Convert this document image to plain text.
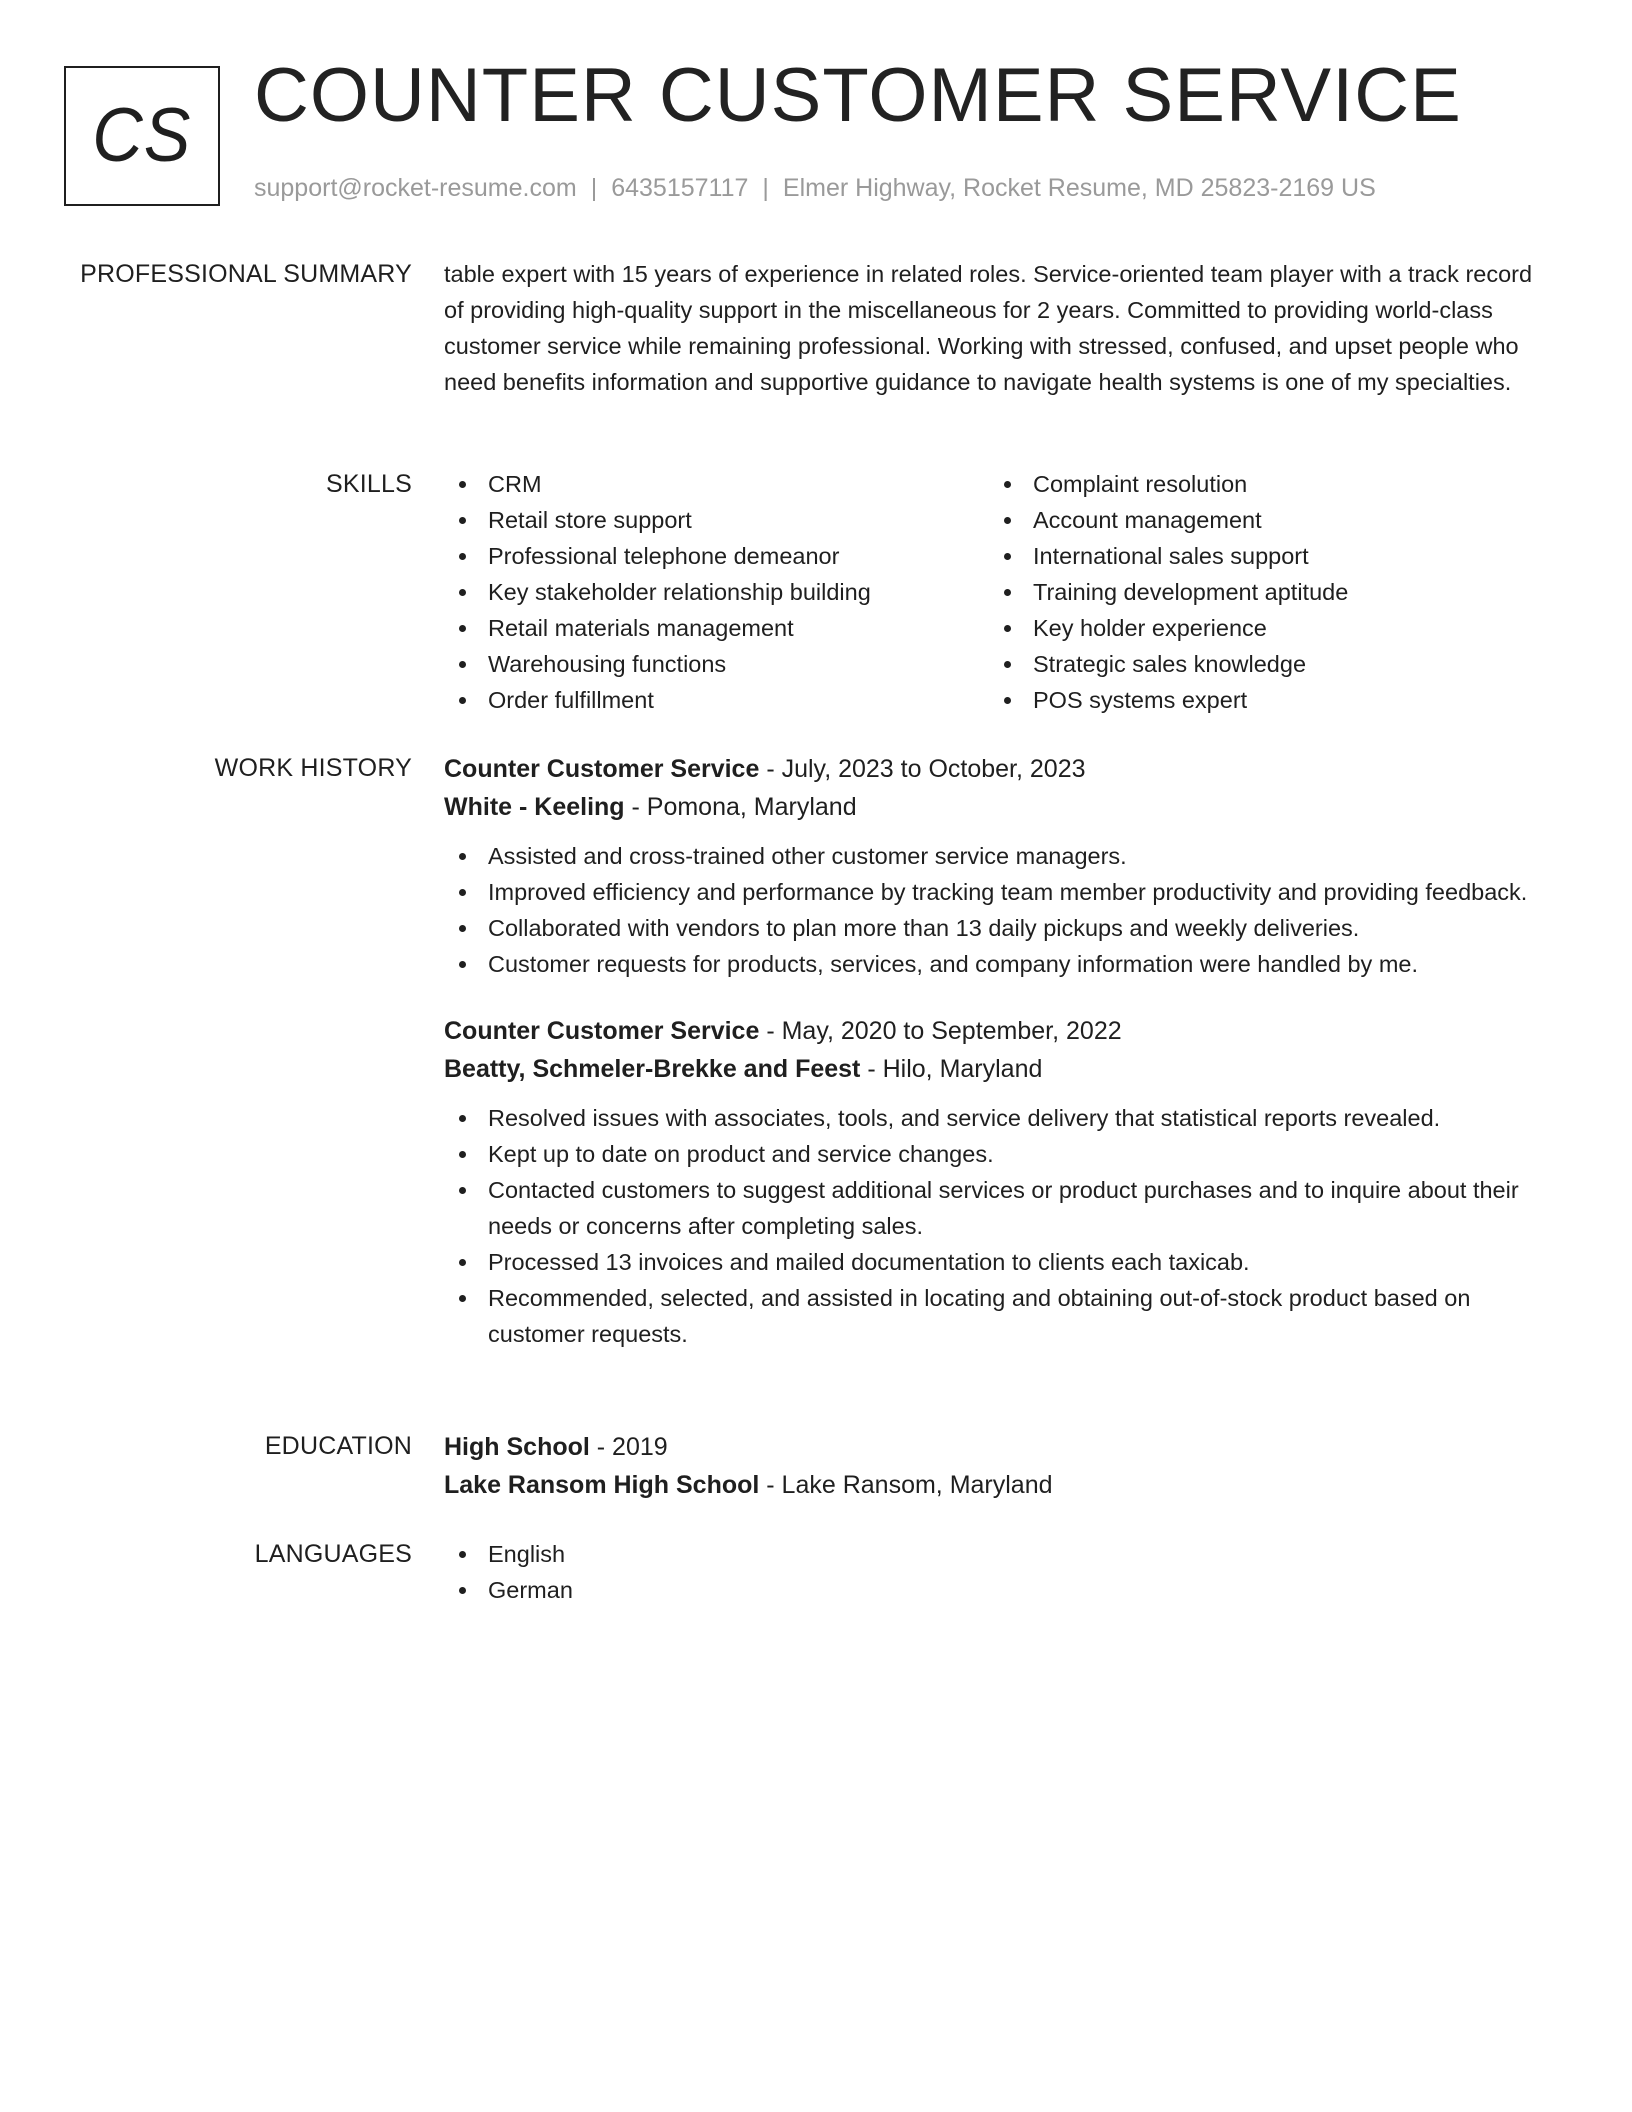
CS COUNTER CUSTOMER SERVICE
support@rocket-resume.com | 6435157117 | Elmer Highway, Rocket Resume, MD 25823-2169 US
PROFESSIONAL SUMMARY table expert with 15 years of experience in related roles. Service-oriented team player with a track record of providing high-quality support in the miscellaneous for 2 years. Committed to providing world-class customer service while remaining professional. Working with stressed, confused, and upset people who need benefits information and supportive guidance to navigate health systems is one of my specialties.

SKILLS	CRM
Retail store support
Professional telephone demeanor
Key stakeholder relationship building
Retail materials management
Warehousing functions
Order fulfillment
Complaint resolution
Account management
International sales support
Training development aptitude
Key holder experience
Strategic sales knowledge
POS systems expert
WORK HISTORY Counter Customer Service - July, 2023 to October, 2023
White - Keeling - Pomona, Maryland
Assisted and cross-trained other customer service managers.
Improved efficiency and performance by tracking team member productivity and providing feedback.
Collaborated with vendors to plan more than 13 daily pickups and weekly deliveries.
Customer requests for products, services, and company information were handled by me.
Counter Customer Service - May, 2020 to September, 2022
Beatty, Schmeler-Brekke and Feest - Hilo, Maryland
Resolved issues with associates, tools, and service delivery that statistical reports revealed.
Kept up to date on product and service changes.
Contacted customers to suggest additional services or product purchases and to inquire about their needs or concerns after completing sales.
Processed 13 invoices and mailed documentation to clients each taxicab.
Recommended, selected, and assisted in locating and obtaining out-of-stock product based on customer requests.
EDUCATION High School - 2019
Lake Ransom High School - Lake Ransom, Maryland
LANGUAGES	English
German
